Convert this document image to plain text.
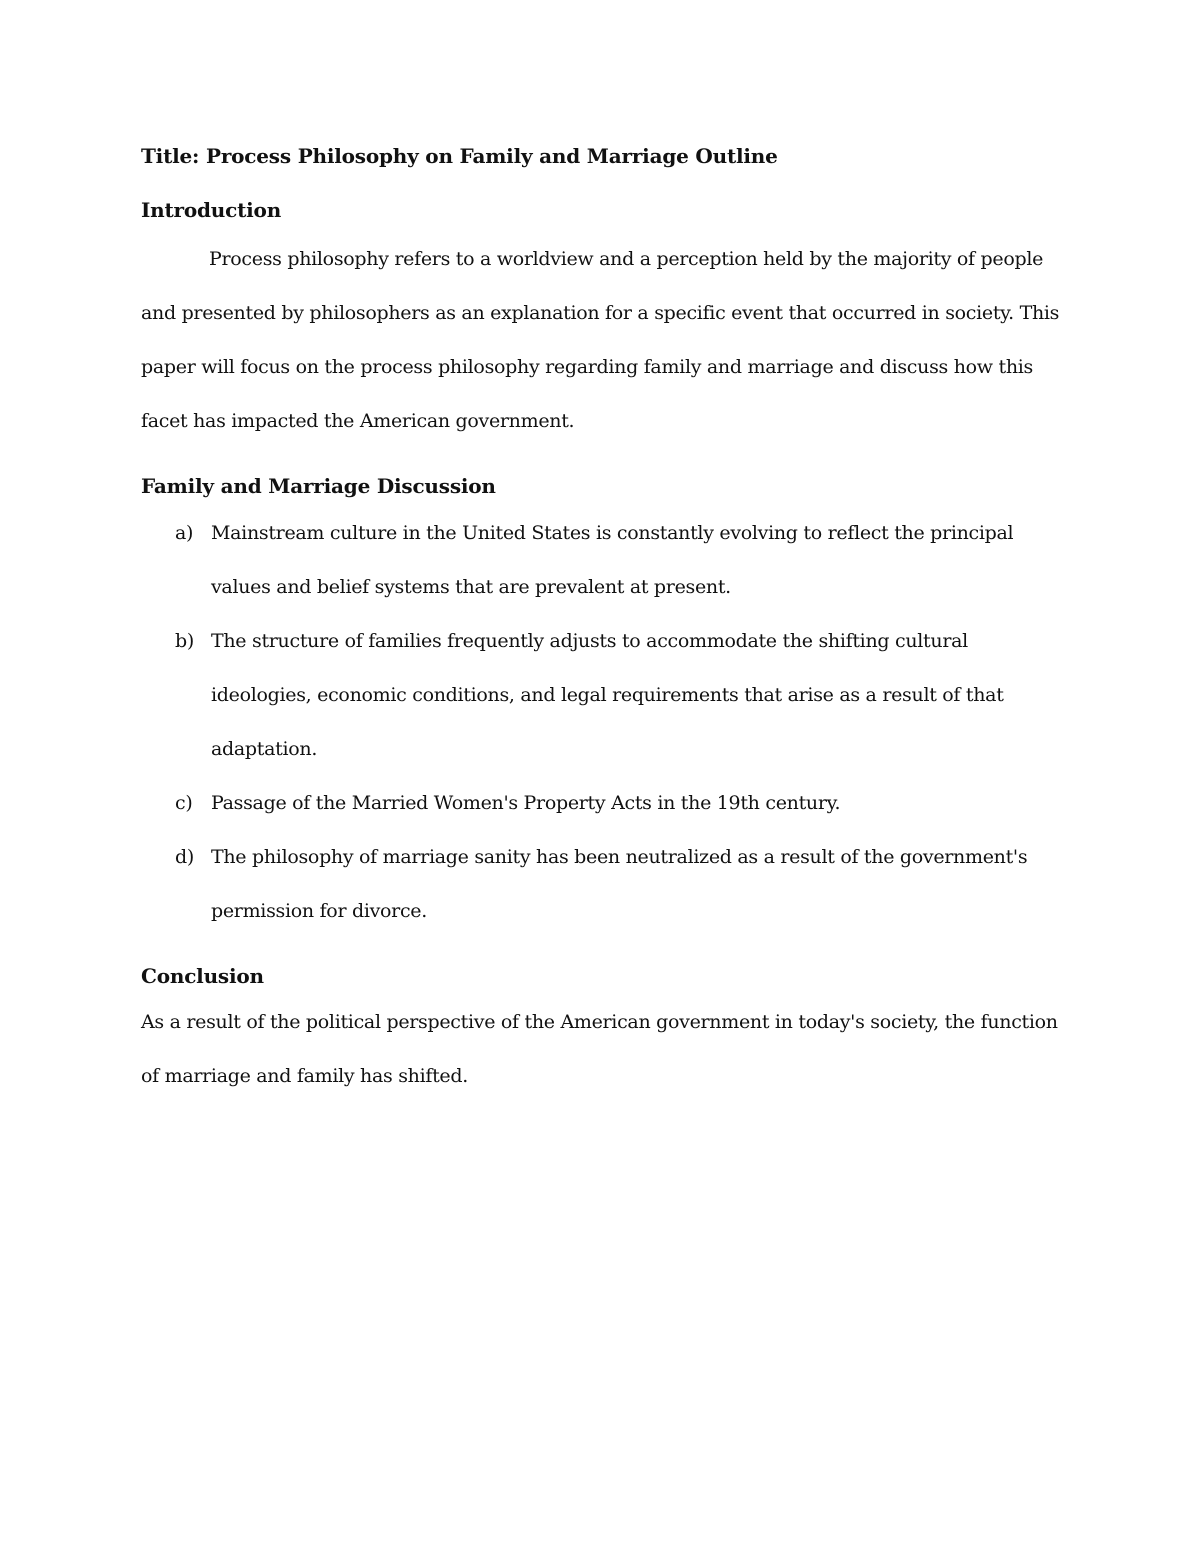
Title: Process Philosophy on Family and Marriage Outline

Introduction

Process philosophy refers to a worldview and a perception held by the majority of people and presented by philosophers as an explanation for a specific event that occurred in society. This paper will focus on the process philosophy regarding family and marriage and discuss how this facet has impacted the American government.

Family and Marriage Discussion

a) Mainstream culture in the United States is constantly evolving to reflect the principal values and belief systems that are prevalent at present.
b) The structure of families frequently adjusts to accommodate the shifting cultural ideologies, economic conditions, and legal requirements that arise as a result of that adaptation.
c) Passage of the Married Women's Property Acts in the 19th century.
d) The philosophy of marriage sanity has been neutralized as a result of the government's permission for divorce.

Conclusion

As a result of the political perspective of the American government in today's society, the function of marriage and family has shifted.
